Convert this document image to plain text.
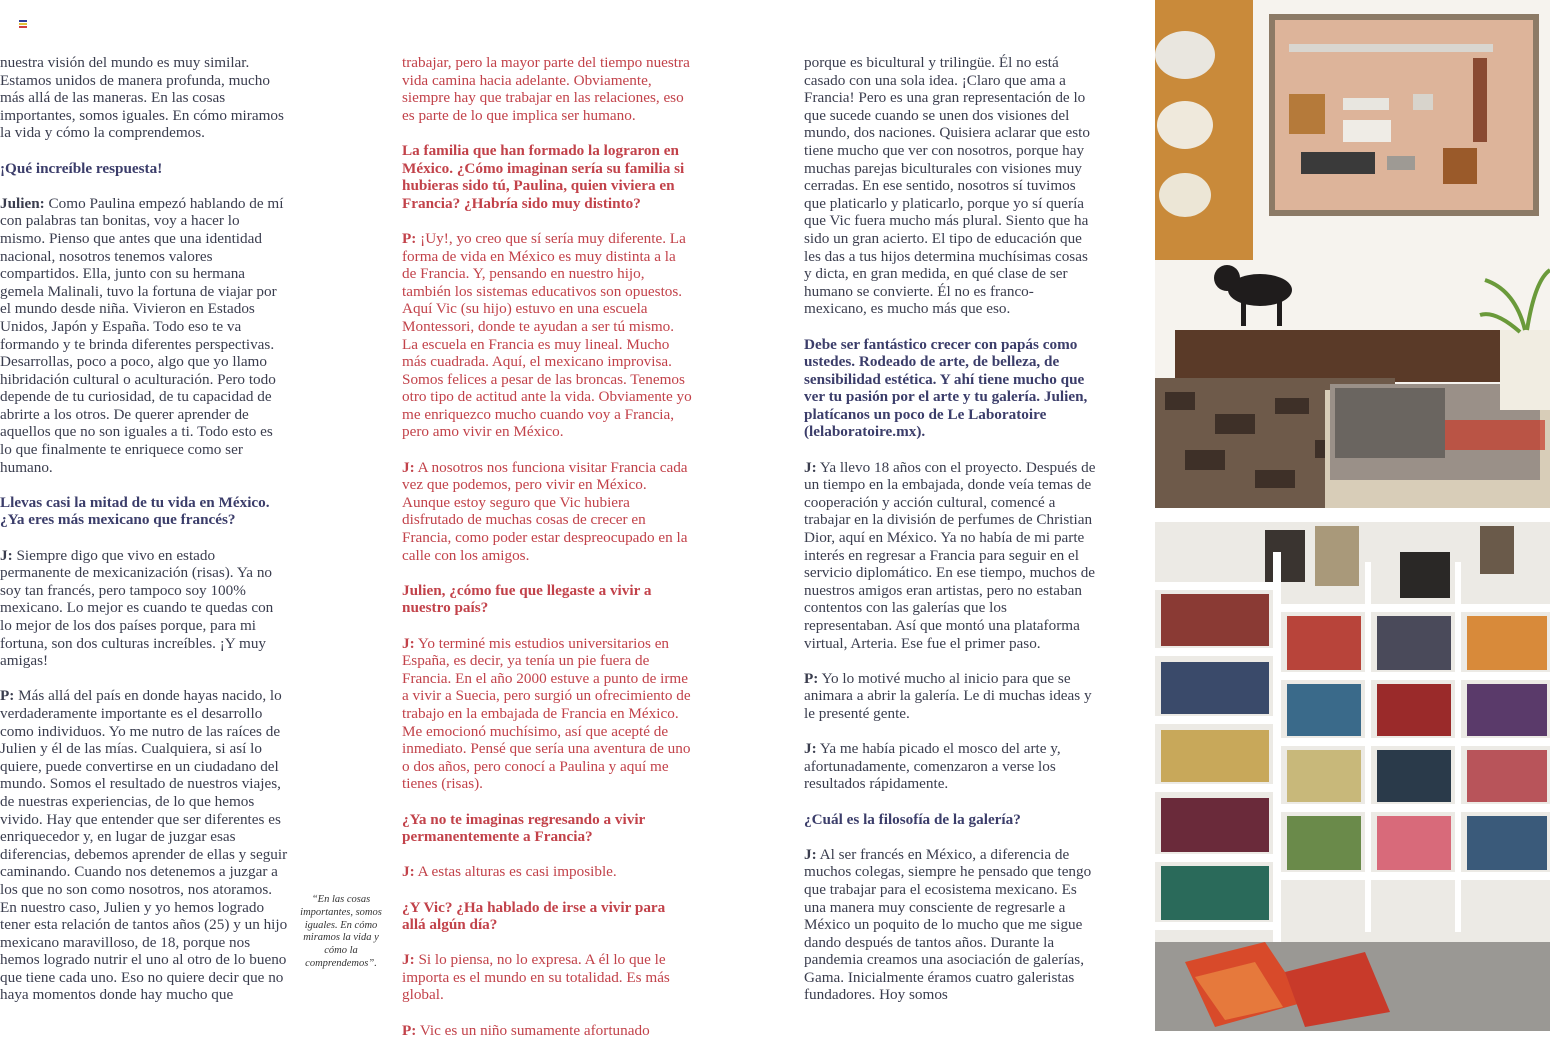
nuestra visión del mundo es muy similar. Estamos unidos de manera profunda, mucho más allá de las maneras. En las cosas importantes, somos iguales. En cómo miramos la vida y cómo la comprendemos.

¡Qué increíble respuesta!

Julien: Como Paulina empezó hablando de mí con palabras tan bonitas, voy a hacer lo mismo. Pienso que antes que una identidad nacional, nosotros tenemos valores compartidos. Ella, junto con su hermana gemela Malinali, tuvo la fortuna de viajar por el mundo desde niña. Vivieron en Estados Unidos, Japón y España. Todo eso te va formando y te brinda diferentes perspectivas. Desarrollas, poco a poco, algo que yo llamo hibridación cultural o aculturación. Pero todo depende de tu curiosidad, de tu capacidad de abrirte a los otros. De querer aprender de aquellos que no son iguales a ti. Todo esto es lo que finalmente te enriquece como ser humano.

Llevas casi la mitad de tu vida en México. ¿Ya eres más mexicano que francés?

J: Siempre digo que vivo en estado permanente de mexicanización (risas). Ya no soy tan francés, pero tampoco soy 100% mexicano. Lo mejor es cuando te quedas con lo mejor de los dos países porque, para mi fortuna, son dos culturas increíbles. ¡Y muy amigas!

P: Más allá del país en donde hayas nacido, lo verdaderamente importante es el desarrollo como individuos. Yo me nutro de las raíces de Julien y él de las mías. Cualquiera, si así lo quiere, puede convertirse en un ciudadano del mundo. Somos el resultado de nuestros viajes, de nuestras experiencias, de lo que hemos vivido. Hay que entender que ser diferentes es enriquecedor y, en lugar de juzgar esas diferencias, debemos aprender de ellas y seguir caminando. Cuando nos detenemos a juzgar a los que no son como nosotros, nos atoramos. En nuestro caso, Julien y yo hemos logrado tener esta relación de tantos años (25) y un hijo mexicano maravilloso, de 18, porque nos hemos logrado nutrir el uno al otro de lo bueno que tiene cada uno. Eso no quiere decir que no haya momentos donde hay mucho que

trabajar, pero la mayor parte del tiempo nuestra vida camina hacia adelante. Obviamente, siempre hay que trabajar en las relaciones, eso es parte de lo que implica ser humano.

La familia que han formado la lograron en México. ¿Cómo imaginan sería su familia si hubieras sido tú, Paulina, quien viviera en Francia? ¿Habría sido muy distinto?

P: ¡Uy!, yo creo que sí sería muy diferente. La forma de vida en México es muy distinta a la de Francia. Y, pensando en nuestro hijo, también los sistemas educativos son opuestos. Aquí Vic (su hijo) estuvo en una escuela Montessori, donde te ayudan a ser tú mismo. La escuela en Francia es muy lineal. Mucho más cuadrada. Aquí, el mexicano improvisa. Somos felices a pesar de las broncas. Tenemos otro tipo de actitud ante la vida. Obviamente yo me enriquezco mucho cuando voy a Francia, pero amo vivir en México.

J: A nosotros nos funciona visitar Francia cada vez que podemos, pero vivir en México. Aunque estoy seguro que Vic hubiera disfrutado de muchas cosas de crecer en Francia, como poder estar despreocupado en la calle con los amigos.

Julien, ¿cómo fue que llegaste a vivir a nuestro país?

J: Yo terminé mis estudios universitarios en España, es decir, ya tenía un pie fuera de Francia. En el año 2000 estuve a punto de irme a vivir a Suecia, pero surgió un ofrecimiento de trabajo en la embajada de Francia en México. Me emocionó muchísimo, así que acepté de inmediato. Pensé que sería una aventura de uno o dos años, pero conocí a Paulina y aquí me tienes (risas).

¿Ya no te imaginas regresando a vivir permanentemente a Francia?

J: A estas alturas es casi imposible.

¿Y Vic? ¿Ha hablado de irse a vivir para allá algún día?

J: Si lo piensa, no lo expresa. A él lo que le importa es el mundo en su totalidad. Es más global.

P: Vic es un niño sumamente afortunado

porque es bicultural y trilingüe. Él no está casado con una sola idea. ¡Claro que ama a Francia! Pero es una gran representación de lo que sucede cuando se unen dos visiones del mundo, dos naciones. Quisiera aclarar que esto tiene mucho que ver con nosotros, porque hay muchas parejas biculturales con visiones muy cerradas. En ese sentido, nosotros sí tuvimos que platicarlo y platicarlo, porque yo sí quería que Vic fuera mucho más plural. Siento que ha sido un gran acierto. El tipo de educación que les das a tus hijos determina muchísimas cosas y dicta, en gran medida, en qué clase de ser humano se convierte. Él no es franco-mexicano, es mucho más que eso.

Debe ser fantástico crecer con papás como ustedes. Rodeado de arte, de belleza, de sensibilidad estética. Y ahí tiene mucho que ver tu pasión por el arte y tu galería. Julien, platícanos un poco de Le Laboratoire (lelaboratoire.mx).

J: Ya llevo 18 años con el proyecto. Después de un tiempo en la embajada, donde veía temas de cooperación y acción cultural, comencé a trabajar en la división de perfumes de Christian Dior, aquí en México. Ya no había de mi parte interés en regresar a Francia para seguir en el servicio diplomático. En ese tiempo, muchos de nuestros amigos eran artistas, pero no estaban contentos con las galerías que los representaban. Así que montó una plataforma virtual, Arteria. Ese fue el primer paso.

P: Yo lo motivé mucho al inicio para que se animara a abrir la galería. Le di muchas ideas y le presenté gente.

J: Ya me había picado el mosco del arte y, afortunadamente, comenzaron a verse los resultados rápidamente.

¿Cuál es la filosofía de la galería?

J: Al ser francés en México, a diferencia de muchos colegas, siempre he pensado que tengo que trabajar para el ecosistema mexicano. Es una manera muy consciente de regresarle a México un poquito de lo mucho que me sigue dando después de tantos años. Durante la pandemia creamos una asociación de galerías, Gama. Inicialmente éramos cuatro galeristas fundadores. Hoy somos

“En las cosas importantes, somos iguales. En cómo miramos la vida y cómo la comprendemos”.
